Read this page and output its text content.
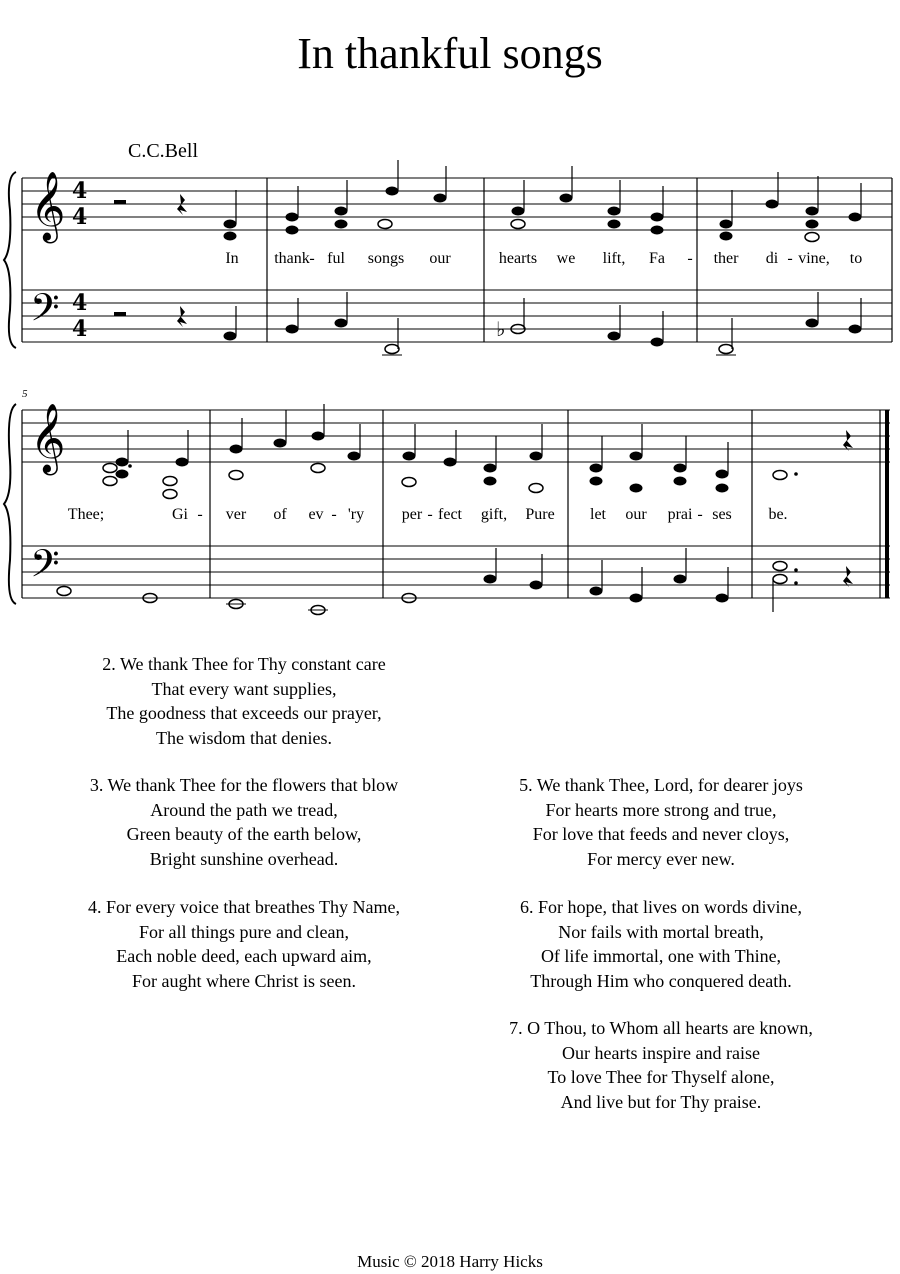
In thankful songs
C.C.Bell
5
𝄞
𝄢
𝄞
𝄢
4
4
4
4	♭
In thank - ful songs our	hearts we lift, Fa - ther di - vine, to
Thee;	Gi - ver of ev - 'ry per - fect gift, Pure let our prai - ses be.
2. We thank Thee for Thy constant care
That every want supplies,
The goodness that exceeds our prayer,
The wisdom that denies.
3. We thank Thee for the flowers that blow
Around the path we tread,
Green beauty of the earth below,
Bright sunshine overhead.
4. For every voice that breathes Thy Name,
For all things pure and clean,
Each noble deed, each upward aim,
For aught where Christ is seen.
5. We thank Thee, Lord, for dearer joys
For hearts more strong and true,
For love that feeds and never cloys,
For mercy ever new.
6. For hope, that lives on words divine,
Nor fails with mortal breath,
Of life immortal, one with Thine,
Through Him who conquered death.
7. O Thou, to Whom all hearts are known,
Our hearts inspire and raise
To love Thee for Thyself alone,
And live but for Thy praise.
Music © 2018 Harry Hicks
